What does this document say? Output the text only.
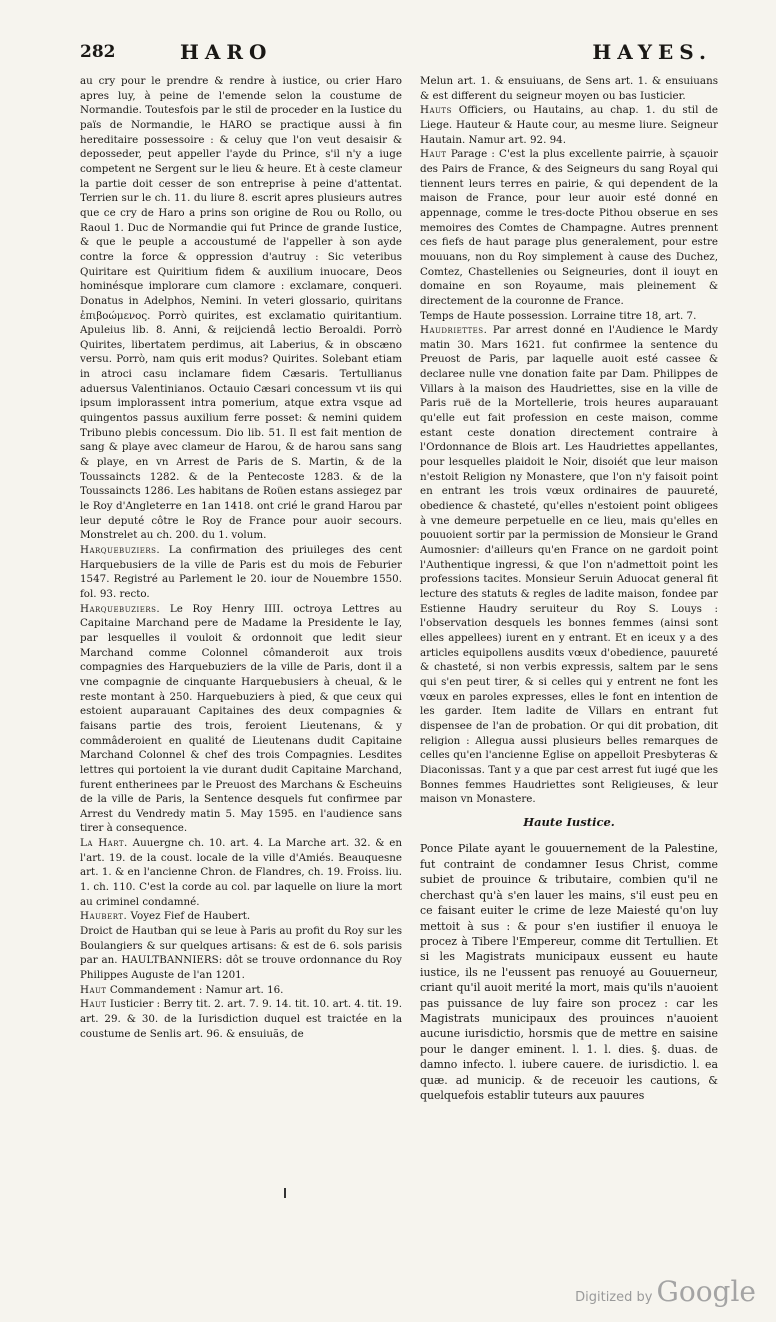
282	HARO	HAYES.

au cry pour le prendre & rendre à iustice, ou crier Haro apres luy, à peine de l'emende selon la coustume de Normandie. Toutesfois par le stil de proceder en la Iustice du païs de Normandie, le HARO se practique aussi à fin hereditaire possessoire : & celuy que l'on veut desaisir & deposseder, peut appeller l'ayde du Prince, s'il n'y a iuge competent ne Sergent sur le lieu & heure. Et à ceste clameur la partie doit cesser de son entreprise à peine d'attentat. Terrien sur le ch. 11. du liure 8. escrit apres plusieurs autres que ce cry de Haro a prins son origine de Rou ou Rollo, ou Raoul 1. Duc de Normandie qui fut Prince de grande Iustice, & que le peuple a accoustumé de l'appeller à son ayde contre la force & oppression d'autruy : Sic veteribus Quiritare est Quiritium fidem & auxilium inuocare, Deos hominésque implorare cum clamore : exclamare, conqueri. Donatus in Adelphos, Nemini. In veteri glossario, quiritans ἐπιβοώμενος. Porrò quirites, est exclamatio quiritantium. Apuleius lib. 8. Anni, & reijciendâ lectio Beroaldi. Porrò Quirites, libertatem perdimus, ait Laberius, & in obscæno versu. Porrò, nam quis erit modus? Quirites. Solebant etiam in atroci casu inclamare fidem Cæsaris. Tertullianus aduersus Valentinianos. Octauio Cæsari concessum vt iis qui ipsum implorassent intra pomerium, atque extra vsque ad quingentos passus auxilium ferre posset: & nemini quidem Tribuno plebis concessum. Dio lib. 51. Il est fait mention de sang & playe avec clameur de Harou, & de harou sans sang & playe, en vn Arrest de Paris de S. Martin, & de la Toussaincts 1282. & de la Pentecoste 1283. & de la Toussaincts 1286. Les habitans de Roüen estans assiegez par le Roy d'Angleterre en 1an 1418. ont crié le grand Harou par leur deputé côtre le Roy de France pour auoir secours. Monstrelet au ch. 200. du 1. volum.

Harquebuziers. La confirmation des priuileges des cent Harquebusiers de la ville de Paris est du mois de Feburier 1547. Registré au Parlement le 20. iour de Nouembre 1550. fol. 93. recto.

Harquebuziers. Le Roy Henry IIII. octroya Lettres au Capitaine Marchand pere de Madame la Presidente le Iay, par lesquelles il vouloit & ordonnoit que ledit sieur Marchand comme Colonnel cômanderoit aux trois compagnies des Harquebuziers de la ville de Paris, dont il a vne compagnie de cinquante Harquebusiers à cheual, & le reste montant à 250. Harquebuziers à pied, & que ceux qui estoient auparauant Capitaines des deux compagnies & faisans partie des trois, feroient Lieutenans, & y commâderoient en qualité de Lieutenans dudit Capitaine Marchand Colonnel & chef des trois Compagnies. Lesdites lettres qui portoient la vie durant dudit Capitaine Marchand, furent entherinees par le Preuost des Marchans & Escheuins de la ville de Paris, la Sentence desquels fut confirmee par Arrest du Vendredy matin 5. May 1595. en l'audience sans tirer à consequence.

La Hart. Auuergne ch. 10. art. 4. La Marche art. 32. & en l'art. 19. de la coust. locale de la ville d'Amiés. Beauquesne art. 1. & en l'ancienne Chron. de Flandres, ch. 19. Froiss. liu. 1. ch. 110. C'est la corde au col. par laquelle on liure la mort au criminel condamné.

Haubert. Voyez Fief de Haubert.

Droict de Hautban qui se leue à Paris au profit du Roy sur les Boulangiers & sur quelques artisans: & est de 6. sols parisis par an. HAULTBANNIERS: dôt se trouve ordonnance du Roy Philippes Auguste de l'an 1201.

Haut Commandement : Namur art. 16.

Haut Iusticier : Berry tit. 2. art. 7. 9. 14. tit. 10. art. 4. tit. 19. art. 29. & 30. de la Iurisdiction duquel est traictée en la coustume de Senlis art. 96. & ensuiuãs, de

Melun art. 1. & ensuiuans, de Sens art. 1. & ensuiuans & est different du seigneur moyen ou bas Iusticier.

Hauts Officiers, ou Hautains, au chap. 1. du stil de Liege. Hauteur & Haute cour, au mesme liure. Seigneur Hautain. Namur art. 92. 94.

Haut Parage : C'est la plus excellente pairrie, à sçauoir des Pairs de France, & des Seigneurs du sang Royal qui tiennent leurs terres en pairie, & qui dependent de la maison de France, pour leur auoir esté donné en appennage, comme le tres-docte Pithou obserue en ses memoires des Comtes de Champagne. Autres prennent ces fiefs de haut parage plus generalement, pour estre mouuans, non du Roy simplement à cause des Duchez, Comtez, Chastellenies ou Seigneuries, dont il iouyt en domaine en son Royaume, mais pleinement & directement de la couronne de France.

Temps de Haute possession. Lorraine titre 18, art. 7.

Haudriettes. Par arrest donné en l'Audience le Mardy matin 30. Mars 1621. fut confirmee la sentence du Preuost de Paris, par laquelle auoit esté cassee & declaree nulle vne donation faite par Dam. Philippes de Villars à la maison des Haudriettes, sise en la ville de Paris ruë de la Mortellerie, trois heures auparauant qu'elle eut fait profession en ceste maison, comme estant ceste donation directement contraire à l'Ordonnance de Blois art. Les Haudriettes appellantes, pour lesquelles plaidoit le Noir, disoiét que leur maison n'estoit Religion ny Monastere, que l'on n'y faisoit point en entrant les trois vœux ordinaires de pauureté, obedience & chasteté, qu'elles n'estoient point obligees à vne demeure perpetuelle en ce lieu, mais qu'elles en pouuoient sortir par la permission de Monsieur le Grand Aumosnier: d'ailleurs qu'en France on ne gardoit point l'Authentique ingressi, & que l'on n'admettoit point les professions tacites. Monsieur Seruin Aduocat general fit lecture des statuts & regles de ladite maison, fondee par Estienne Haudry seruiteur du Roy S. Louys : l'observation desquels les bonnes femmes (ainsi sont elles appellees) iurent en y entrant. Et en iceux y a des articles equipollens ausdits vœux d'obedience, pauureté & chasteté, si non verbis expressis, saltem par le sens qui s'en peut tirer, & si celles qui y entrent ne font les vœux en paroles expresses, elles le font en intention de les garder. Item ladite de Villars en entrant fut dispensee de l'an de probation. Or qui dit probation, dit religion : Allegua aussi plusieurs belles remarques de celles qu'en l'ancienne Eglise on appelloit Presbyteras & Diaconissas. Tant y a que par cest arrest fut iugé que les Bonnes femmes Haudriettes sont Religieuses, & leur maison vn Monastere.

Haute Iustice.

Ponce Pilate ayant le gouuernement de la Palestine, fut contraint de condamner Iesus Christ, comme subiet de prouince & tributaire, combien qu'il ne cherchast qu'à s'en lauer les mains, s'il eust peu en ce faisant euiter le crime de leze Maiesté qu'on luy mettoit à sus : & pour s'en iustifier il enuoya le procez à Tibere l'Empereur, comme dit Tertullien. Et si les Magistrats municipaux eussent eu haute iustice, ils ne l'eussent pas renuoyé au Gouuerneur, criant qu'il auoit merité la mort, mais qu'ils n'auoient pas puissance de luy faire son procez : car les Magistrats municipaux des prouinces n'auoient aucune iurisdictio, horsmis que de mettre en saisine pour le danger eminent. l. 1. l. dies. §. duas. de damno infecto. l. iubere cauere. de iurisdictio. l. ea quæ. ad municip. & de receuoir les cautions, & quelquefois establir tuteurs aux pauures

Digitized by Google
